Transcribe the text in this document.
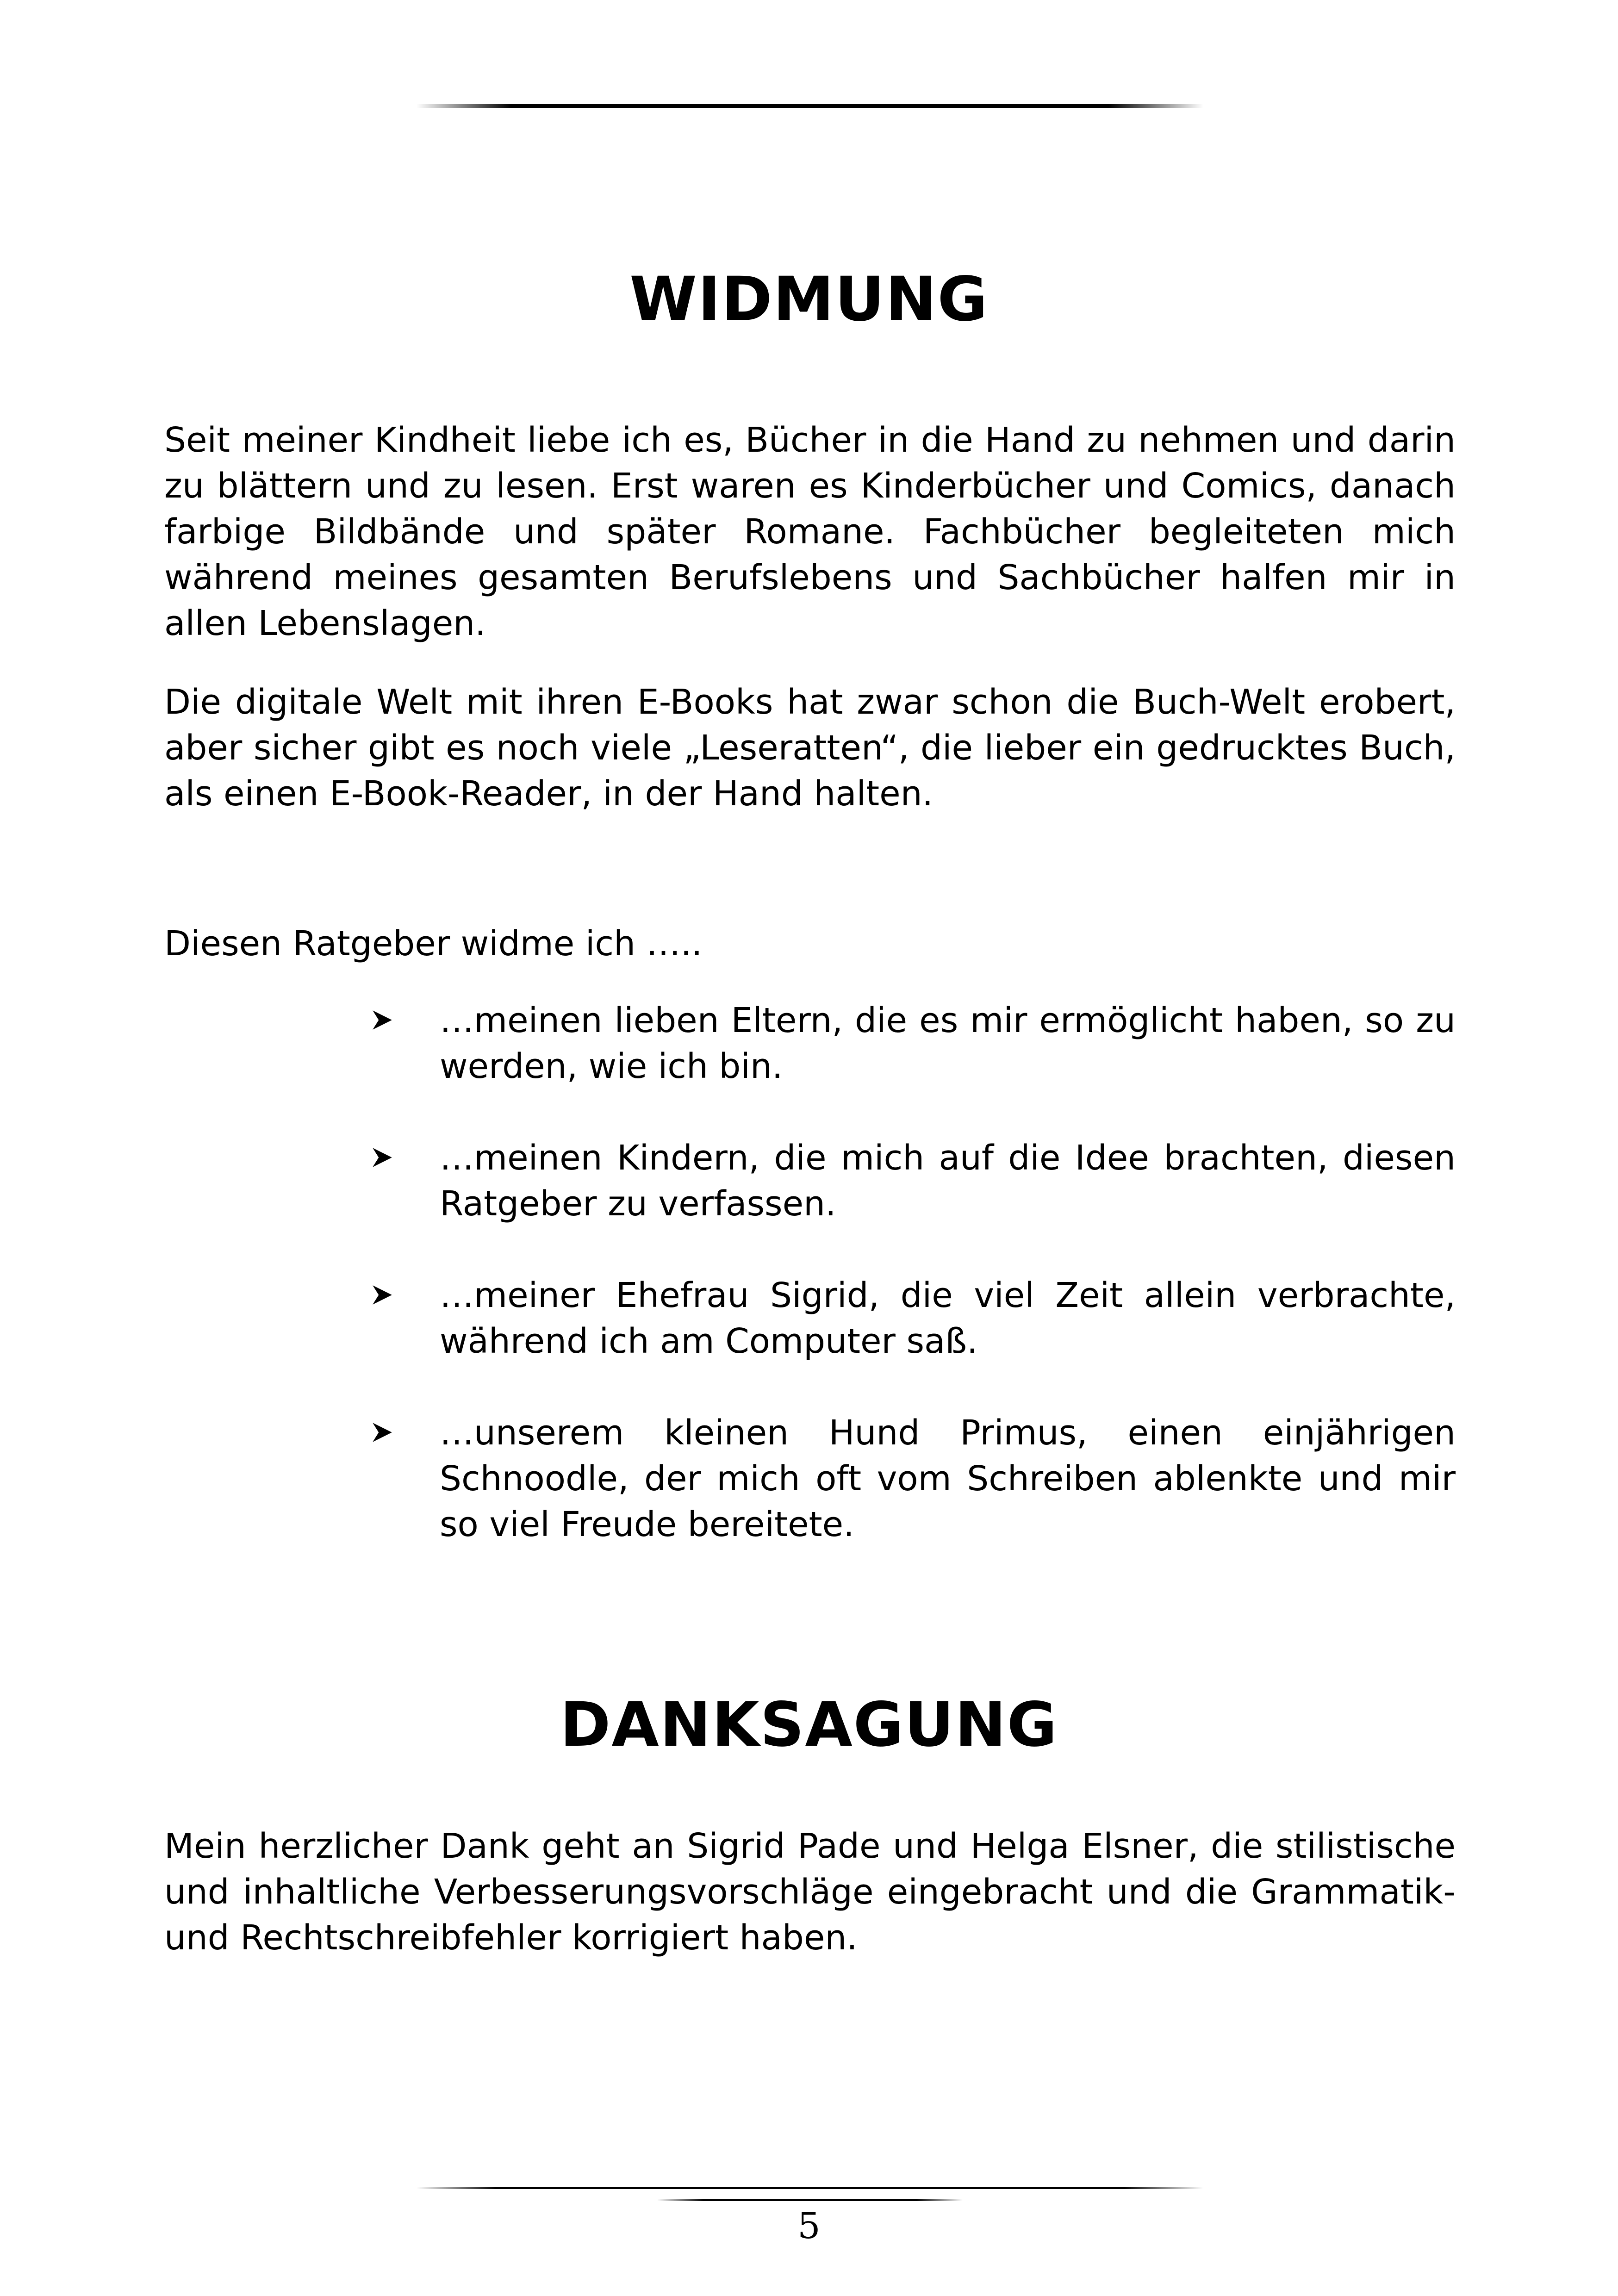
WIDMUNG

Seit meiner Kindheit liebe ich es, Bücher in die Hand zu nehmen und darin zu blättern und zu lesen. Erst waren es Kinderbücher und Comics, danach farbige Bildbände und später Romane. Fachbücher begleiteten mich während meines gesamten Berufslebens und Sachbücher halfen mir in allen Lebenslagen.

Die digitale Welt mit ihren E-Books hat zwar schon die Buch-Welt erobert, aber sicher gibt es noch viele „Leseratten“, die lieber ein gedrucktes Buch, als einen E-Book-Reader, in der Hand halten.

Diesen Ratgeber widme ich …..

…meinen lieben Eltern, die es mir ermöglicht haben, so zu werden, wie ich bin.
…meinen Kindern, die mich auf die Idee brachten, diesen Ratgeber zu verfassen.
…meiner Ehefrau Sigrid, die viel Zeit allein verbrachte, während ich am Computer saß.
…unserem kleinen Hund Primus, einen einjährigen Schnoodle, der mich oft vom Schreiben ablenkte und mir so viel Freude bereitete.
DANKSAGUNG

Mein herzlicher Dank geht an Sigrid Pade und Helga Elsner, die stilistische und inhaltliche Verbesserungsvorschläge eingebracht und die Grammatik- und Rechtschreibfehler korrigiert haben.

5
